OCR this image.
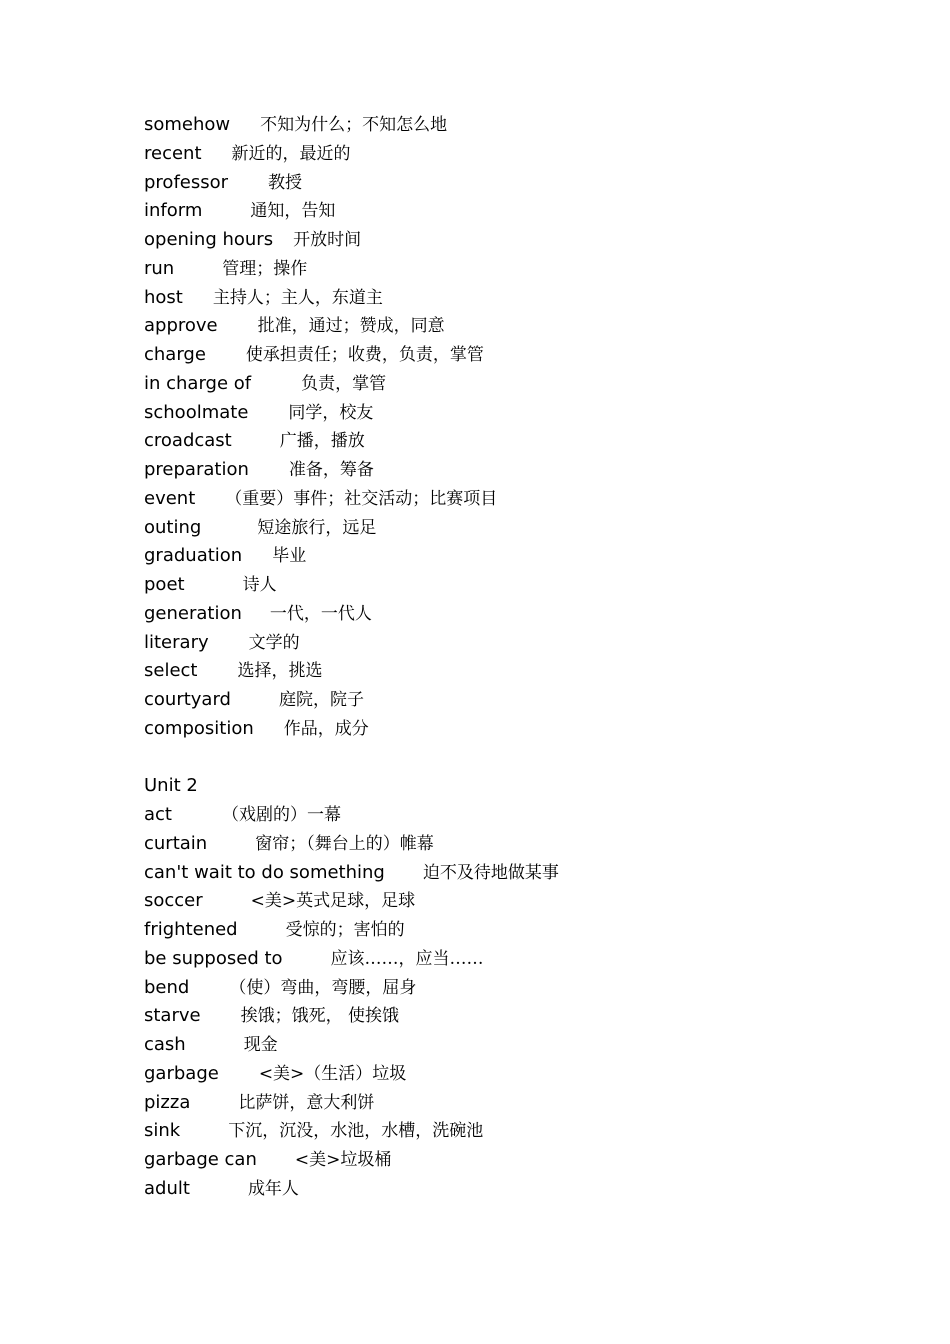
somehow 不知为什么；不知怎么地
recent 新近的，最近的
professor 教授
inform	通知，告知
opening hours 开放时间
run	管理；操作
host 主持人；主人，东道主
approve 批准，通过；赞成，同意
charge 使承担责任；收费，负责，掌管
in charge of	负责，掌管
schoolmate 同学，校友
croadcast	广播，播放
preparation 准备，筹备
event （重要）事件；社交活动；比赛项目
outing	短途旅行，远足
graduation 毕业
poet	诗人
generation 一代，一代人
literary 文学的
select 选择，挑选
courtyard	庭院，院子
composition 作品，成分
Unit 2
act	（戏剧的）一幕
curtain	窗帘；（舞台上的）帷幕
can't wait to do something 迫不及待地做某事
soccer	<美>英式足球，足球
frightened	受惊的；害怕的
be supposed to	应该……，应当……
bend （使）弯曲，弯腰，屈身
starve 挨饿；饿死， 使挨饿
cash	现金
garbage <美>（生活）垃圾
pizza	比萨饼，意大利饼
sink	下沉，沉没，水池，水槽，洗碗池
garbage can <美>垃圾桶
adult	成年人
